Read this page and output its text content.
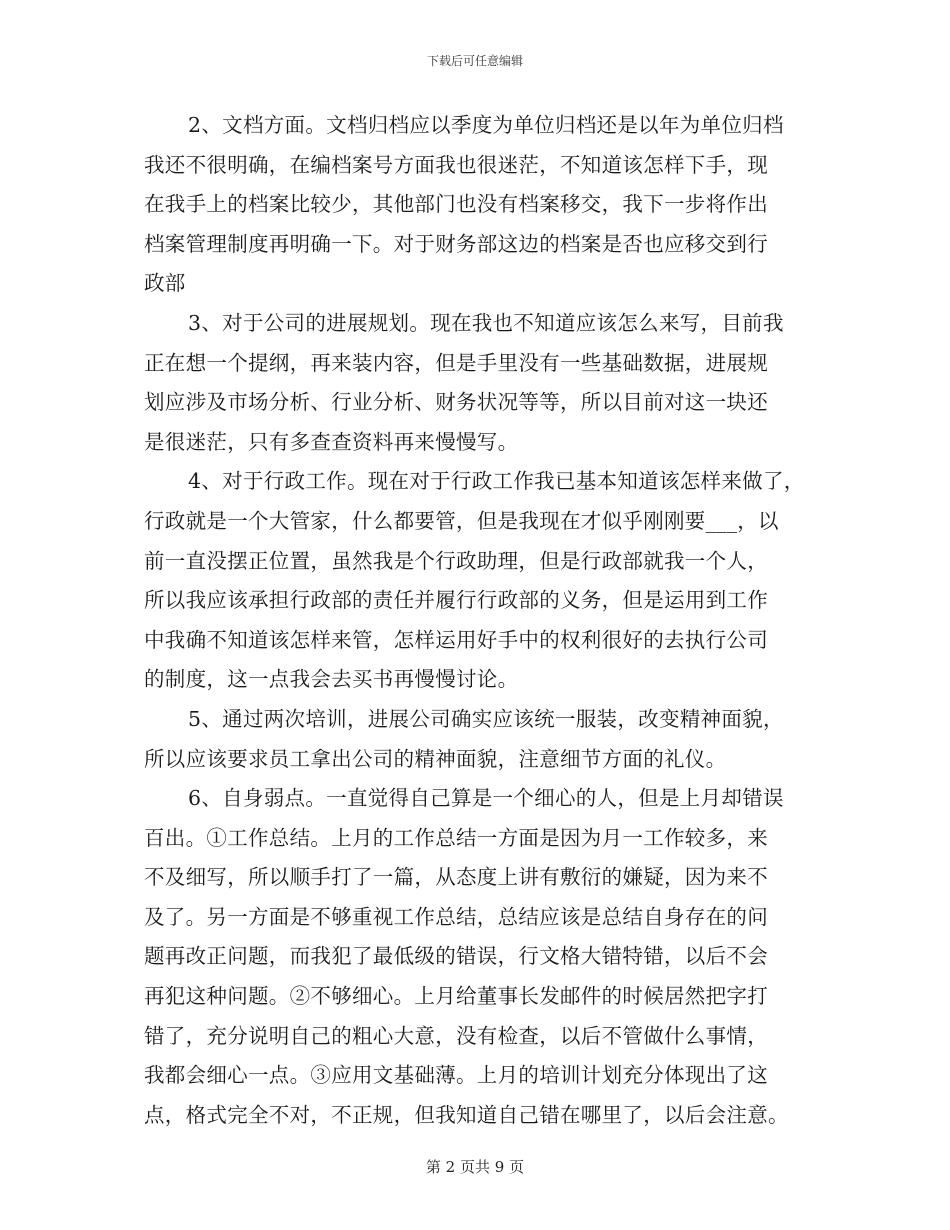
下载后可任意编辑
2、文档方面。文档归档应以季度为单位归档还是以年为单位归档
我还不很明确，在编档案号方面我也很迷茫，不知道该怎样下手，现
在我手上的档案比较少，其他部门也没有档案移交，我下一步将作出
档案管理制度再明确一下。对于财务部这边的档案是否也应移交到行
政部
3、对于公司的进展规划。现在我也不知道应该怎么来写，目前我
正在想一个提纲，再来装内容，但是手里没有一些基础数据，进展规
划应涉及市场分析、行业分析、财务状况等等，所以目前对这一块还
是很迷茫，只有多查查资料再来慢慢写。
4、对于行政工作。现在对于行政工作我已基本知道该怎样来做了，
行政就是一个大管家，什么都要管，但是我现在才似乎刚刚要___，以
前一直没摆正位置，虽然我是个行政助理，但是行政部就我一个人，
所以我应该承担行政部的责任并履行行政部的义务，但是运用到工作
中我确不知道该怎样来管，怎样运用好手中的权利很好的去执行公司
的制度，这一点我会去买书再慢慢讨论。
5、通过两次培训，进展公司确实应该统一服装，改变精神面貌，
所以应该要求员工拿出公司的精神面貌，注意细节方面的礼仪。
6、自身弱点。一直觉得自己算是一个细心的人，但是上月却错误
百出。①工作总结。上月的工作总结一方面是因为月一工作较多，来
不及细写，所以顺手打了一篇，从态度上讲有敷衍的嫌疑，因为来不
及了。另一方面是不够重视工作总结，总结应该是总结自身存在的问
题再改正问题，而我犯了最低级的错误，行文格大错特错，以后不会
再犯这种问题。②不够细心。上月给董事长发邮件的时候居然把字打
错了，充分说明自己的粗心大意，没有检查，以后不管做什么事情，
我都会细心一点。③应用文基础薄。上月的培训计划充分体现出了这
点，格式完全不对，不正规，但我知道自己错在哪里了，以后会注意。
第 2 页共 9 页
